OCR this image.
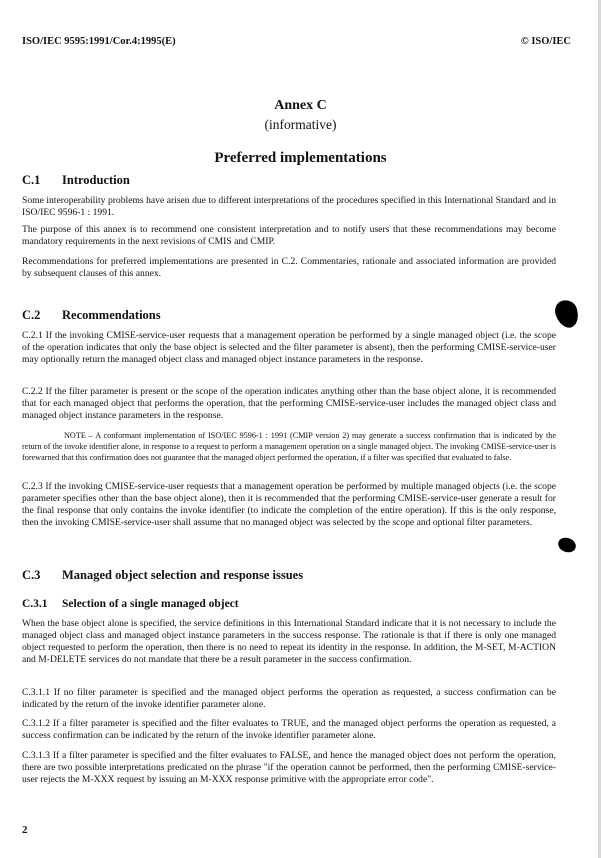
ISO/IEC 9595:1991/Cor.4:1995(E)	© ISO/IEC
Annex C
(informative)
Preferred implementations
C.1 Introduction
Some interoperability problems have arisen due to different interpretations of the procedures specified in this International Standard and in ISO/IEC 9596-1 : 1991.
The purpose of this annex is to recommend one consistent interpretation and to notify users that these recommendations may become mandatory requirements in the next revisions of CMIS and CMIP.
Recommendations for preferred implementations are presented in C.2. Commentaries, rationale and associated information are provided by subsequent clauses of this annex.
C.2 Recommendations
C.2.1 If the invoking CMISE-service-user requests that a management operation be performed by a single managed object (i.e. the scope of the operation indicates that only the base object is selected and the filter parameter is absent), then the performing CMISE-service-user may optionally return the managed object class and managed object instance parameters in the response.
C.2.2 If the filter parameter is present or the scope of the operation indicates anything other than the base object alone, it is recommended that for each managed object that performs the operation, that the performing CMISE-service-user includes the managed object class and managed object instance parameters in the response.
NOTE – A conformant implementation of ISO/IEC 9596-1 : 1991 (CMIP version 2) may generate a success confirmation that is indicated by the return of the invoke identifier alone, in response to a request to perform a management operation on a single managed object. The invoking CMISE-service-user is forewarned that this confirmation does not guarantee that the managed object performed the operation, if a filter was specified that evaluated to false.
C.2.3 If the invoking CMISE-service-user requests that a management operation be performed by multiple managed objects (i.e. the scope parameter specifies other than the base object alone), then it is recommended that the performing CMISE-service-user generate a result for the final response that only contains the invoke identifier (to indicate the completion of the entire operation). If this is the only response, then the invoking CMISE-service-user shall assume that no managed object was selected by the scope and optional filter parameters.
C.3 Managed object selection and response issues
C.3.1 Selection of a single managed object
When the base object alone is specified, the service definitions in this International Standard indicate that it is not necessary to include the managed object class and managed object instance parameters in the success response. The rationale is that if there is only one managed object requested to perform the operation, then there is no need to repeat its identity in the response. In addition, the M-SET, M-ACTION and M-DELETE services do not mandate that there be a result parameter in the success confirmation.
C.3.1.1 If no filter parameter is specified and the managed object performs the operation as requested, a success confirmation can be indicated by the return of the invoke identifier parameter alone.
C.3.1.2 If a filter parameter is specified and the filter evaluates to TRUE, and the managed object performs the operation as requested, a success confirmation can be indicated by the return of the invoke identifier parameter alone.
C.3.1.3 If a filter parameter is specified and the filter evaluates to FALSE, and hence the managed object does not perform the operation, there are two possible interpretations predicated on the phrase "if the operation cannot be performed, then the performing CMISE-service-user rejects the M-XXX request by issuing an M-XXX response primitive with the appropriate error code".
2
